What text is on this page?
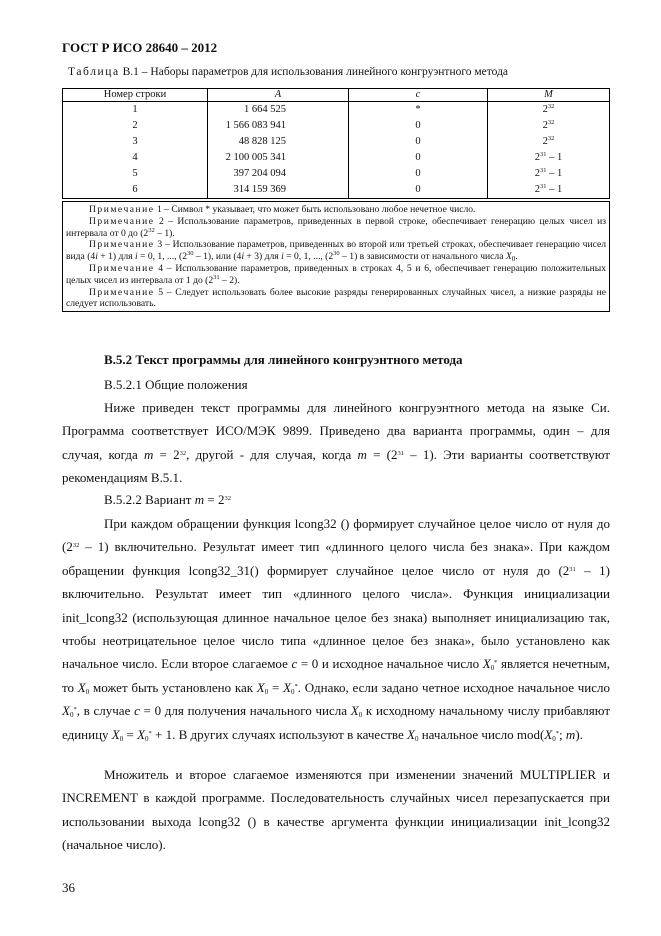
ГОСТ Р ИСО 28640 – 2012
Таблица В.1 – Наборы параметров для использования линейного конгруэнтного метода
Номер строки	A	c	M
1	1 664 525	*	$2^{32}$
2	1 566 083 941	0	$2^{32}$
3	48 828 125	0	$2^{32}$
4	2 100 005 341	0	$2^{31} - 1$
5	397 204 094	0	$2^{31} - 1$
6	314 159 369	0	$2^{31} - 1$

Примечание 1 – Символ * указывает, что может быть использовано любое нечетное число.

Примечание 2 – Использование параметров, приведенных в первой строке, обеспечивает генерацию целых чисел из интервала от 0 до $(2^{32} - 1)$.

Примечание 3 – Использование параметров, приведенных во второй или третьей строках, обеспечивает генерацию чисел вида (4i + 1) для i = 0, 1, ..., $(2^{30} - 1)$, или (4i + 3) для i = 0, 1, ..., $(2^{30} - 1)$ в зависимости от начального числа $X_0$.

Примечание 4 – Использование параметров, приведенных в строках 4, 5 и 6, обеспечивает генерацию положительных целых чисел из интервала от 1 до $(2^{31} - 2)$.

Примечание 5 – Следует использовать более высокие разряды генерированных случайных чисел, а низкие разряды не следует использовать.

В.5.2 Текст программы для линейного конгруэнтного метода
В.5.2.1 Общие положения

Ниже приведен текст программы для линейного конгруэнтного метода на языке Си. Программа соответствует ИСО/МЭК 9899. Приведено два варианта программы, один – для случая, когда $m = 2^{32}$, другой - для случая, когда $m = (2^{31} - 1)$. Эти варианты соответствуют рекомендациям В.5.1.

В.5.2.2 Вариант $m = 2^{32}$

При каждом обращении функция lcong32 () формирует случайное целое число от нуля до $(2^{32} - 1)$ включительно. Результат имеет тип «длинного целого числа без знака». При каждом обращении функция lcong32_31() формирует случайное целое число от нуля до $(2^{31} - 1)$ включительно. Результат имеет тип «длинного целого числа». Функция инициализации init_lcong32 (использующая длинное начальное целое без знака) выполняет инициализацию так, чтобы неотрицательное целое число типа «длинное целое без знака», было установлено как начальное число. Если второе слагаемое c = 0 и исходное начальное число $X_0^*$ является нечетным, то $X_0$ может быть установлено как $X_0 = X_0^*$. Однако, если задано четное исходное начальное число $X_0^*$, в случае c = 0 для получения начального числа $X_0$ к исходному начальному числу прибавляют единицу $X_0 = X_0^* + 1$. В других случаях используют в качестве $X_0$ начальное число $mod(X_0^*$; m).

Множитель и второе слагаемое изменяются при изменении значений MULTIPLIER и INCREMENT в каждой программе. Последовательность случайных чисел перезапускается при использовании выхода lcong32 () в качестве аргумента функции инициализации init_lcong32 (начальное число).

36
